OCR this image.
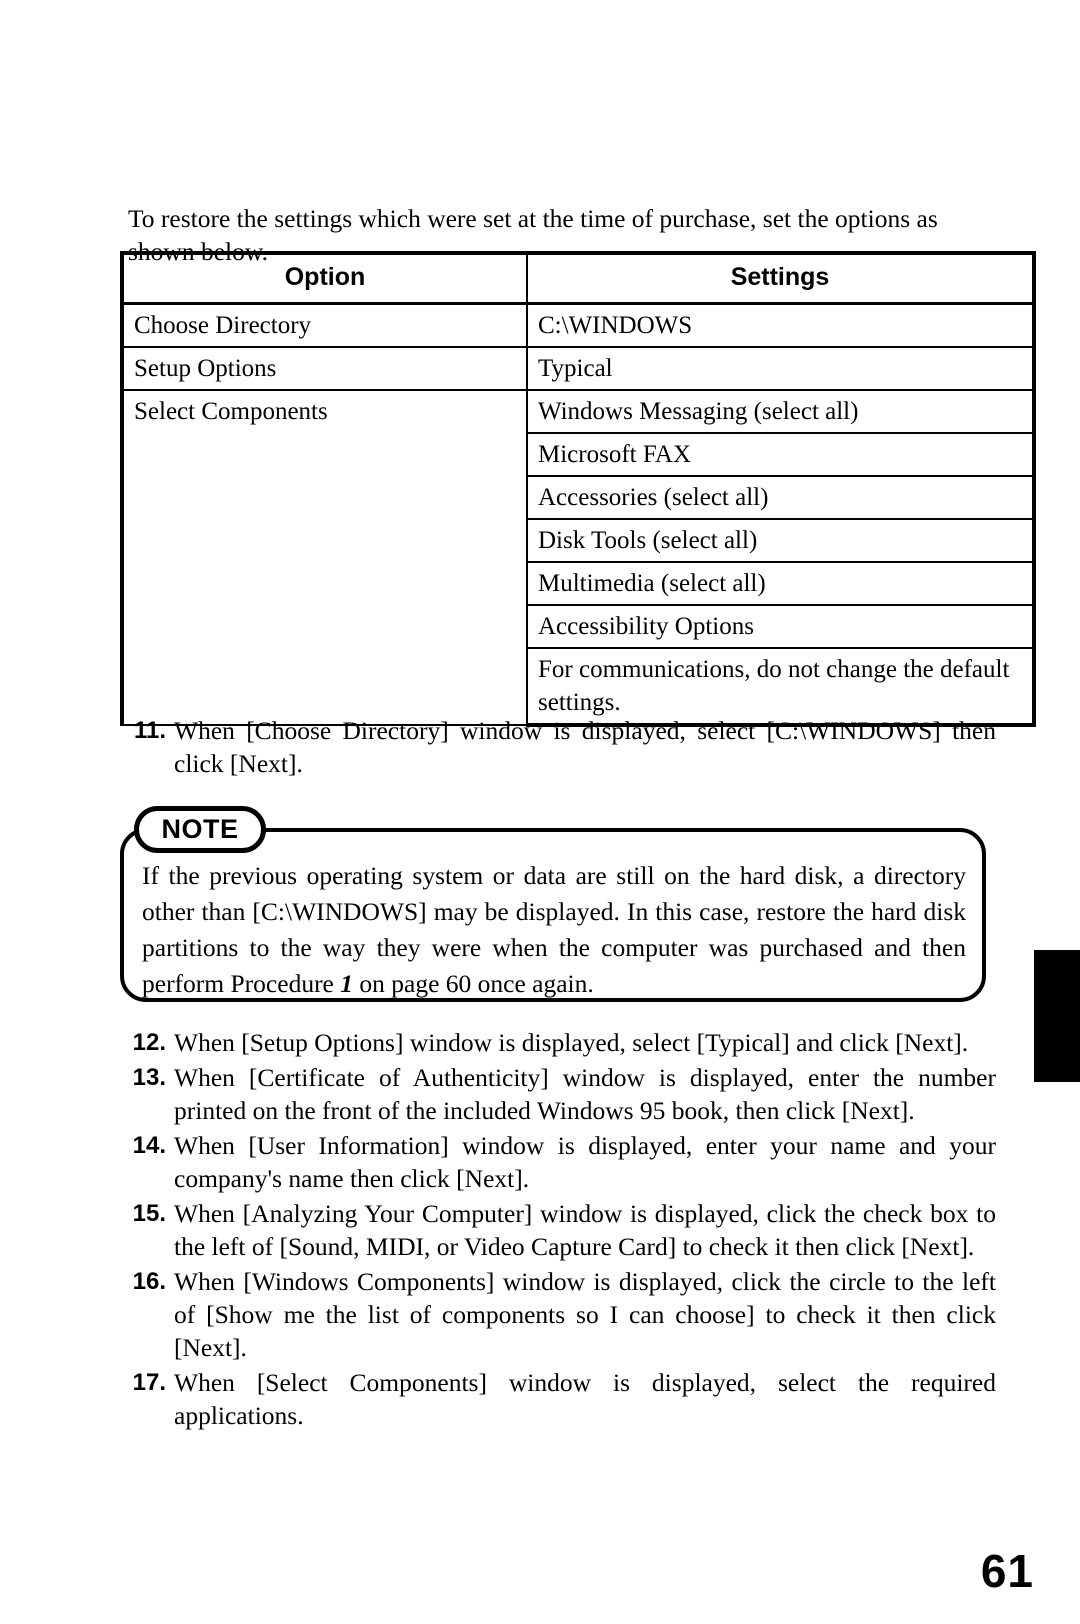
To restore the settings which were set at the time of purchase, set the options as shown below.

Option	Settings
Choose Directory	C:\WINDOWS
Setup Options	Typical
Select Components	Windows Messaging (select all)
	Microsoft FAX
	Accessories (select all)
	Disk Tools (select all)
	Multimedia (select all)
	Accessibility Options
	For communications, do not change the default settings.
11. When [Choose Directory] window is displayed, select [C:\WINDOWS] then click [Next].
NOTE
If the previous operating system or data are still on the hard disk, a directory other than [C:\WINDOWS] may be displayed. In this case, restore the hard disk partitions to the way they were when the computer was purchased and then perform Procedure 1 on page 60 once again.
12. When [Setup Options] window is displayed, select [Typical] and click [Next].
13. When [Certificate of Authenticity] window is displayed, enter the number printed on the front of the included Windows 95 book, then click [Next].
14. When [User Information] window is displayed, enter your name and your company's name then click [Next].
15. When [Analyzing Your Computer] window is displayed, click the check box to the left of [Sound, MIDI, or Video Capture Card] to check it then click [Next].
16. When [Windows Components] window is displayed, click the circle to the left of [Show me the list of components so I can choose] to check it then click [Next].
17. When [Select Components] window is displayed, select the required applications.
61
